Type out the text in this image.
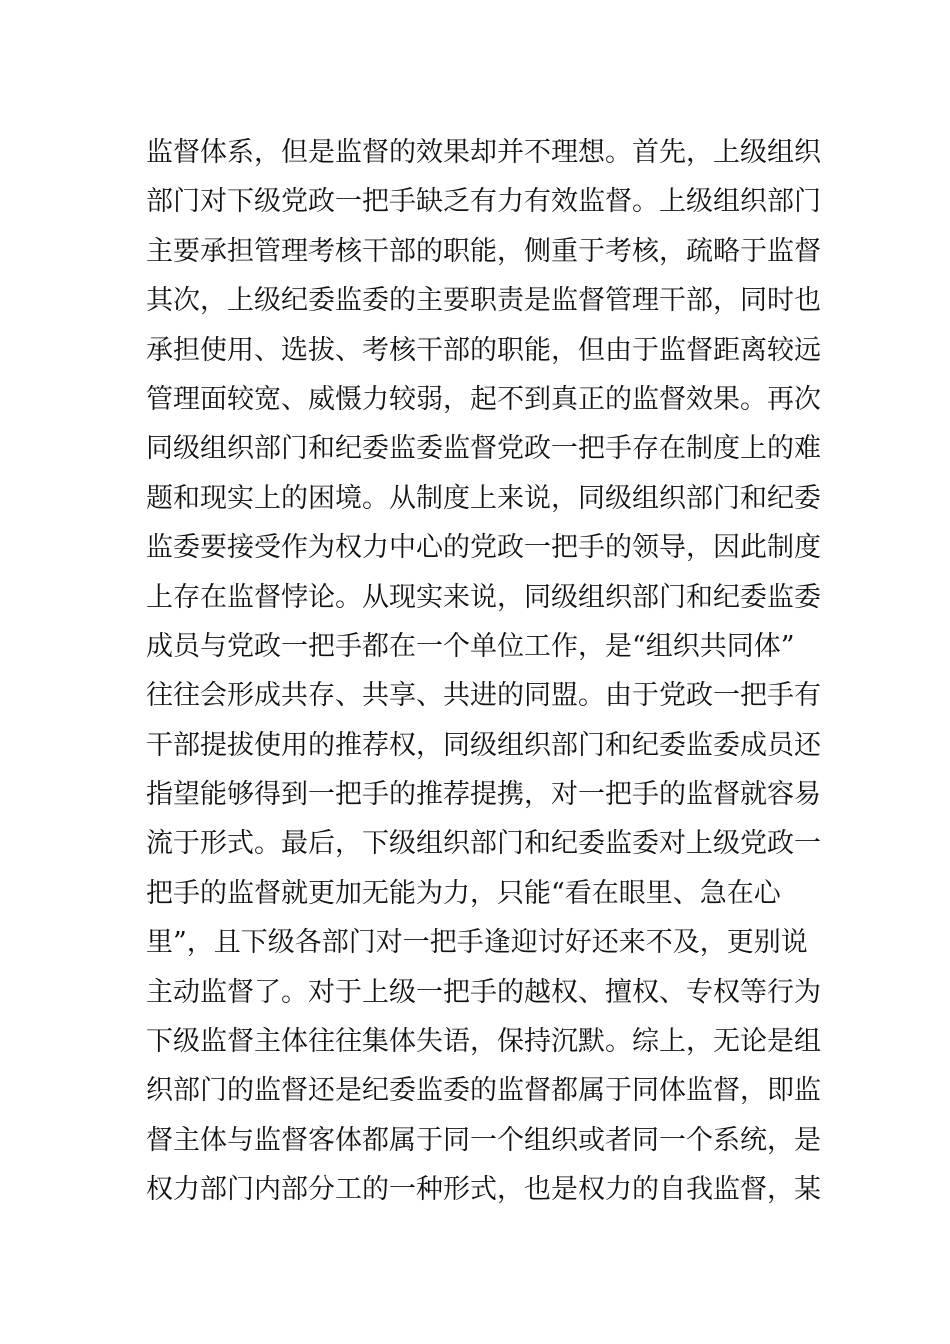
监督体系，但是监督的效果却并不理想。首先，上级组织
部门对下级党政一把手缺乏有力有效监督。上级组织部门
主要承担管理考核干部的职能，侧重于考核，疏略于监督
其次，上级纪委监委的主要职责是监督管理干部，同时也
承担使用、选拔、考核干部的职能，但由于监督距离较远
管理面较宽、威慑力较弱，起不到真正的监督效果。再次
同级组织部门和纪委监委监督党政一把手存在制度上的难
题和现实上的困境。从制度上来说，同级组织部门和纪委
监委要接受作为权力中心的党政一把手的领导，因此制度
上存在监督悖论。从现实来说，同级组织部门和纪委监委
成员与党政一把手都在一个单位工作，是“组织共同体”
往往会形成共存、共享、共进的同盟。由于党政一把手有
干部提拔使用的推荐权，同级组织部门和纪委监委成员还
指望能够得到一把手的推荐提携，对一把手的监督就容易
流于形式。最后，下级组织部门和纪委监委对上级党政一
把手的监督就更加无能为力，只能“看在眼里、急在心
里”，且下级各部门对一把手逢迎讨好还来不及，更别说
主动监督了。对于上级一把手的越权、擅权、专权等行为
下级监督主体往往集体失语，保持沉默。综上，无论是组
织部门的监督还是纪委监委的监督都属于同体监督，即监
督主体与监督客体都属于同一个组织或者同一个系统，是
权力部门内部分工的一种形式，也是权力的自我监督，某
